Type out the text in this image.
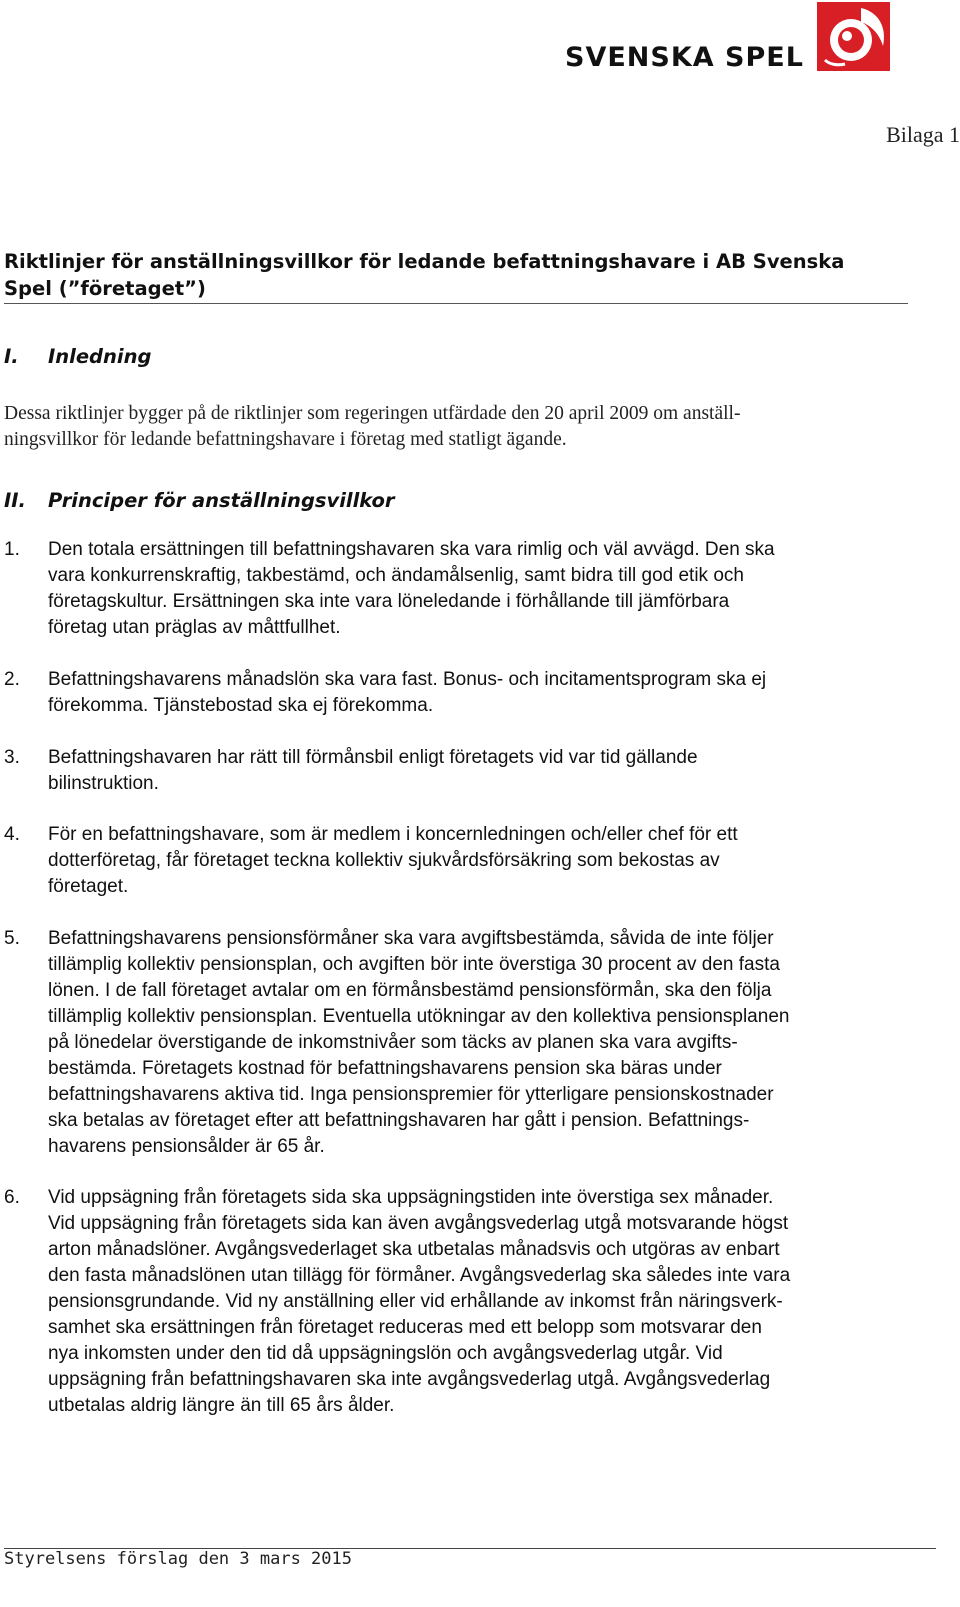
SVENSKA SPEL
Bilaga 1
Riktlinjer för anställningsvillkor för ledande befattningshavare i AB Svenska
Spel (”företaget”)
I. Inledning

Dessa riktlinjer bygger på de riktlinjer som regeringen utfärdade den 20 april 2009 om anställ-
ningsvillkor för ledande befattningshavare i företag med statligt ägande.

II. Principer för anställningsvillkor
1. Den totala ersättningen till befattningshavaren ska vara rimlig och väl avvägd. Den ska
vara konkurrenskraftig, takbestämd, och ändamålsenlig, samt bidra till god etik och
företagskultur. Ersättningen ska inte vara löneledande i förhållande till jämförbara
företag utan präglas av måttfullhet.

2. Befattningshavarens månadslön ska vara fast. Bonus- och incitamentsprogram ska ej
förekomma. Tjänstebostad ska ej förekomma.

3. Befattningshavaren har rätt till förmånsbil enligt företagets vid var tid gällande
bilinstruktion.

4. För en befattningshavare, som är medlem i koncernledningen och/eller chef för ett
dotterföretag, får företaget teckna kollektiv sjukvårdsförsäkring som bekostas av
företaget.

5. Befattningshavarens pensionsförmåner ska vara avgiftsbestämda, såvida de inte följer
tillämplig kollektiv pensionsplan, och avgiften bör inte överstiga 30 procent av den fasta
lönen. I de fall företaget avtalar om en förmånsbestämd pensionsförmån, ska den följa
tillämplig kollektiv pensionsplan. Eventuella utökningar av den kollektiva pensionsplanen
på lönedelar överstigande de inkomstnivåer som täcks av planen ska vara avgifts-
bestämda. Företagets kostnad för befattningshavarens pension ska bäras under
befattningshavarens aktiva tid. Inga pensionspremier för ytterligare pensionskostnader
ska betalas av företaget efter att befattningshavaren har gått i pension. Befattnings-
havarens pensionsålder är 65 år.

6. Vid uppsägning från företagets sida ska uppsägningstiden inte överstiga sex månader.
Vid uppsägning från företagets sida kan även avgångsvederlag utgå motsvarande högst
arton månadslöner. Avgångsvederlaget ska utbetalas månadsvis och utgöras av enbart
den fasta månadslönen utan tillägg för förmåner. Avgångsvederlag ska således inte vara
pensionsgrundande. Vid ny anställning eller vid erhållande av inkomst från näringsverk-
samhet ska ersättningen från företaget reduceras med ett belopp som motsvarar den
nya inkomsten under den tid då uppsägningslön och avgångsvederlag utgår. Vid
uppsägning från befattningshavaren ska inte avgångsvederlag utgå. Avgångsvederlag
utbetalas aldrig längre än till 65 års ålder.

Styrelsens förslag den 3 mars 2015
